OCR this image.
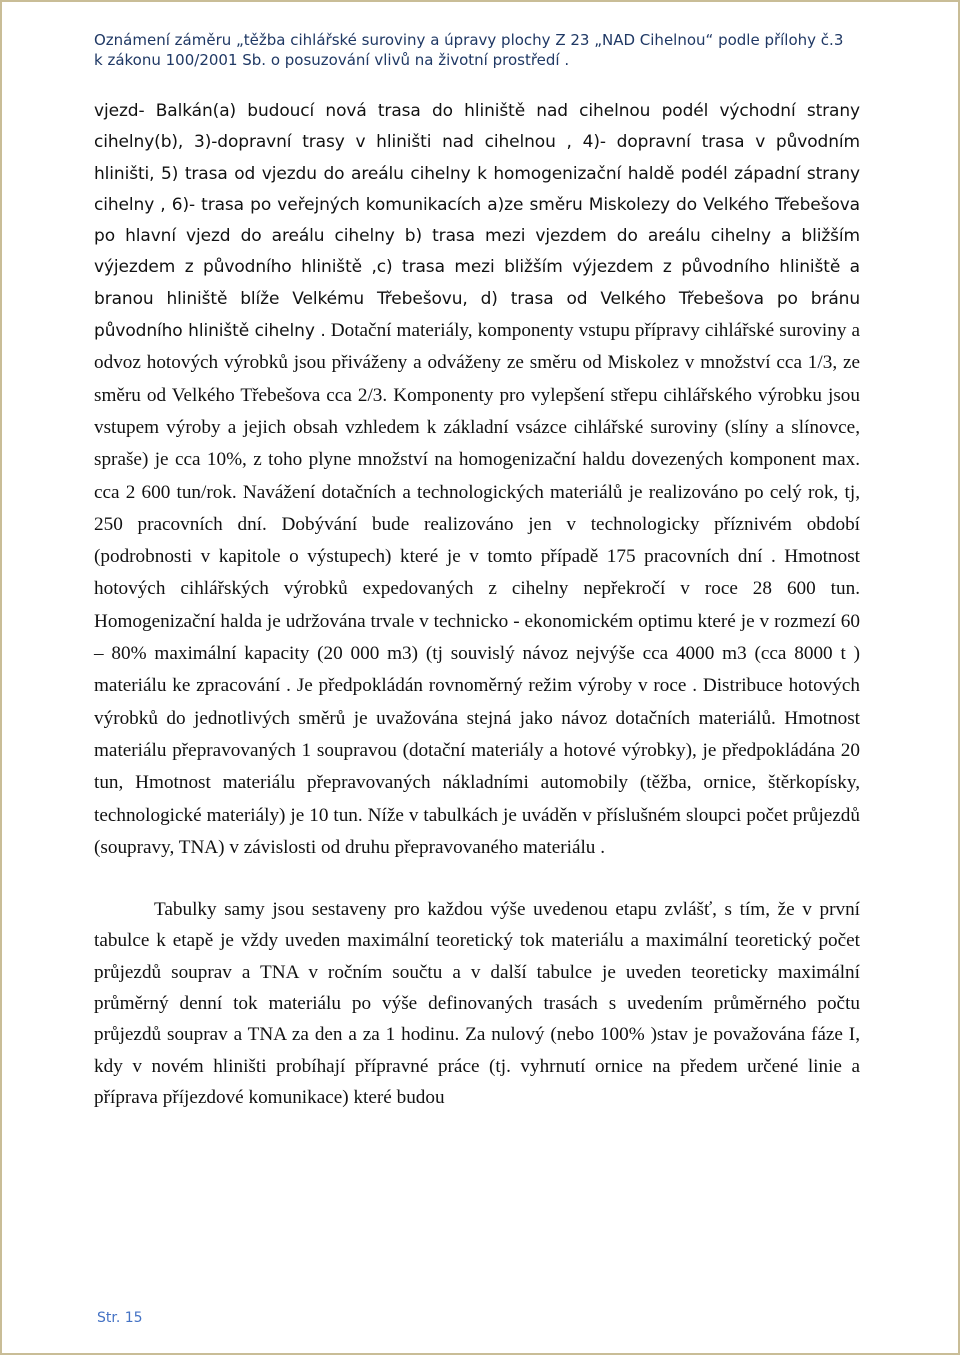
Oznámení záměru „těžba cihlářské suroviny a úpravy plochy Z 23 „NAD Cihelnou“ podle přílohy č.3
k zákonu 100/2001 Sb. o posuzování vlivů na životní prostředí .

vjezd- Balkán(a) budoucí nová trasa do hliniště nad cihelnou podél východní strany cihelny(b), 3)-dopravní trasy v hliništi nad cihelnou , 4)- dopravní trasa v původním hliništi, 5) trasa od vjezdu do areálu cihelny k homogenizační haldě podél západní strany cihelny , 6)- trasa po veřejných komunikacích a)ze směru Miskolezy do Velkého Třebešova po hlavní vjezd do areálu cihelny b) trasa mezi vjezdem do areálu cihelny a bližším výjezdem z původního hliniště ,c) trasa mezi bližším výjezdem z původního hliniště a branou hliniště blíže Velkému Třebešovu, d) trasa od Velkého Třebešova po bránu původního hliniště cihelny . Dotační materiály, komponenty vstupu přípravy cihlářské suroviny a odvoz hotových výrobků jsou přiváženy a odváženy ze směru od Miskolez v množství cca 1/3, ze směru od Velkého Třebešova cca 2/3. Komponenty pro vylepšení střepu cihlářského výrobku jsou vstupem výroby a jejich obsah vzhledem k základní vsázce cihlářské suroviny (slíny a slínovce, spraše) je cca 10%, z toho plyne množství na homogenizační haldu dovezených komponent max. cca 2 600 tun/rok. Navážení dotačních a technologických materiálů je realizováno po celý rok, tj, 250 pracovních dní. Dobývání bude realizováno jen v technologicky příznivém období (podrobnosti v kapitole o výstupech) které je v tomto případě 175 pracovních dní . Hmotnost hotových cihlářských výrobků expedovaných z cihelny nepřekročí v roce 28 600 tun. Homogenizační halda je udržována trvale v technicko - ekonomickém optimu které je v rozmezí 60 – 80% maximální kapacity (20 000 m3) (tj souvislý návoz nejvýše cca 4000 m3 (cca 8000 t ) materiálu ke zpracování . Je předpokládán rovnoměrný režim výroby v roce . Distribuce hotových výrobků do jednotlivých směrů je uvažována stejná jako návoz dotačních materiálů. Hmotnost materiálu přepravovaných 1 soupravou (dotační materiály a hotové výrobky), je předpokládána 20 tun, Hmotnost materiálu přepravovaných nákladními automobily (těžba, ornice, štěrkopísky, technologické materiály) je 10 tun. Níže v tabulkách je uváděn v příslušném sloupci počet průjezdů (soupravy, TNA) v závislosti od druhu přepravovaného materiálu .

Tabulky samy jsou sestaveny pro každou výše uvedenou etapu zvlášť, s tím, že v první tabulce k etapě je vždy uveden maximální teoretický tok materiálu a maximální teoretický počet průjezdů souprav a TNA v ročním součtu a v další tabulce je uveden teoreticky maximální průměrný denní tok materiálu po výše definovaných trasách s uvedením průměrného počtu průjezdů souprav a TNA za den a za 1 hodinu. Za nulový (nebo 100% )stav je považována fáze I, kdy v novém hliništi probíhají přípravné práce (tj. vyhrnutí ornice na předem určené linie a příprava příjezdové komunikace) které budou

Str. 15
